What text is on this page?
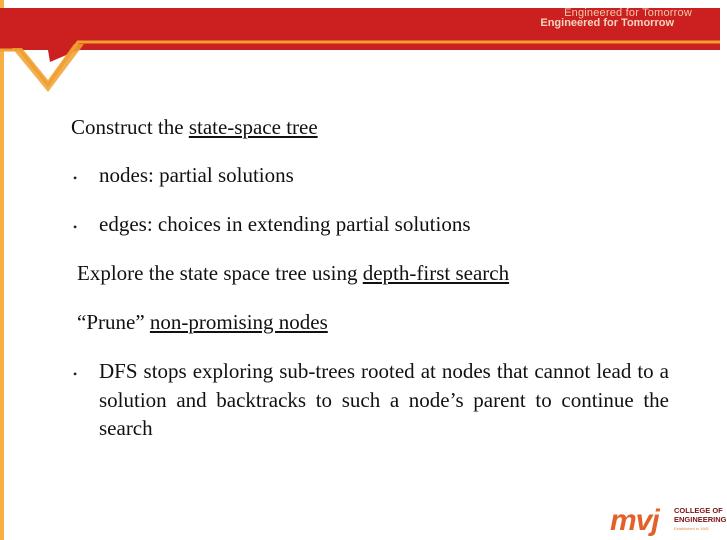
Engineered for Tomorrow
Engineered for Tomorrow
Construct the state-space tree
• nodes: partial solutions
• edges: choices in extending partial solutions
Explore the state space tree using depth-first search
“Prune” non-promising nodes
• DFS stops exploring sub-trees rooted at nodes that cannot lead to a solution and backtracks to such a node’s parent to continue the search
mvj COLLEGE OF
ENGINEERING
Established in 1982
